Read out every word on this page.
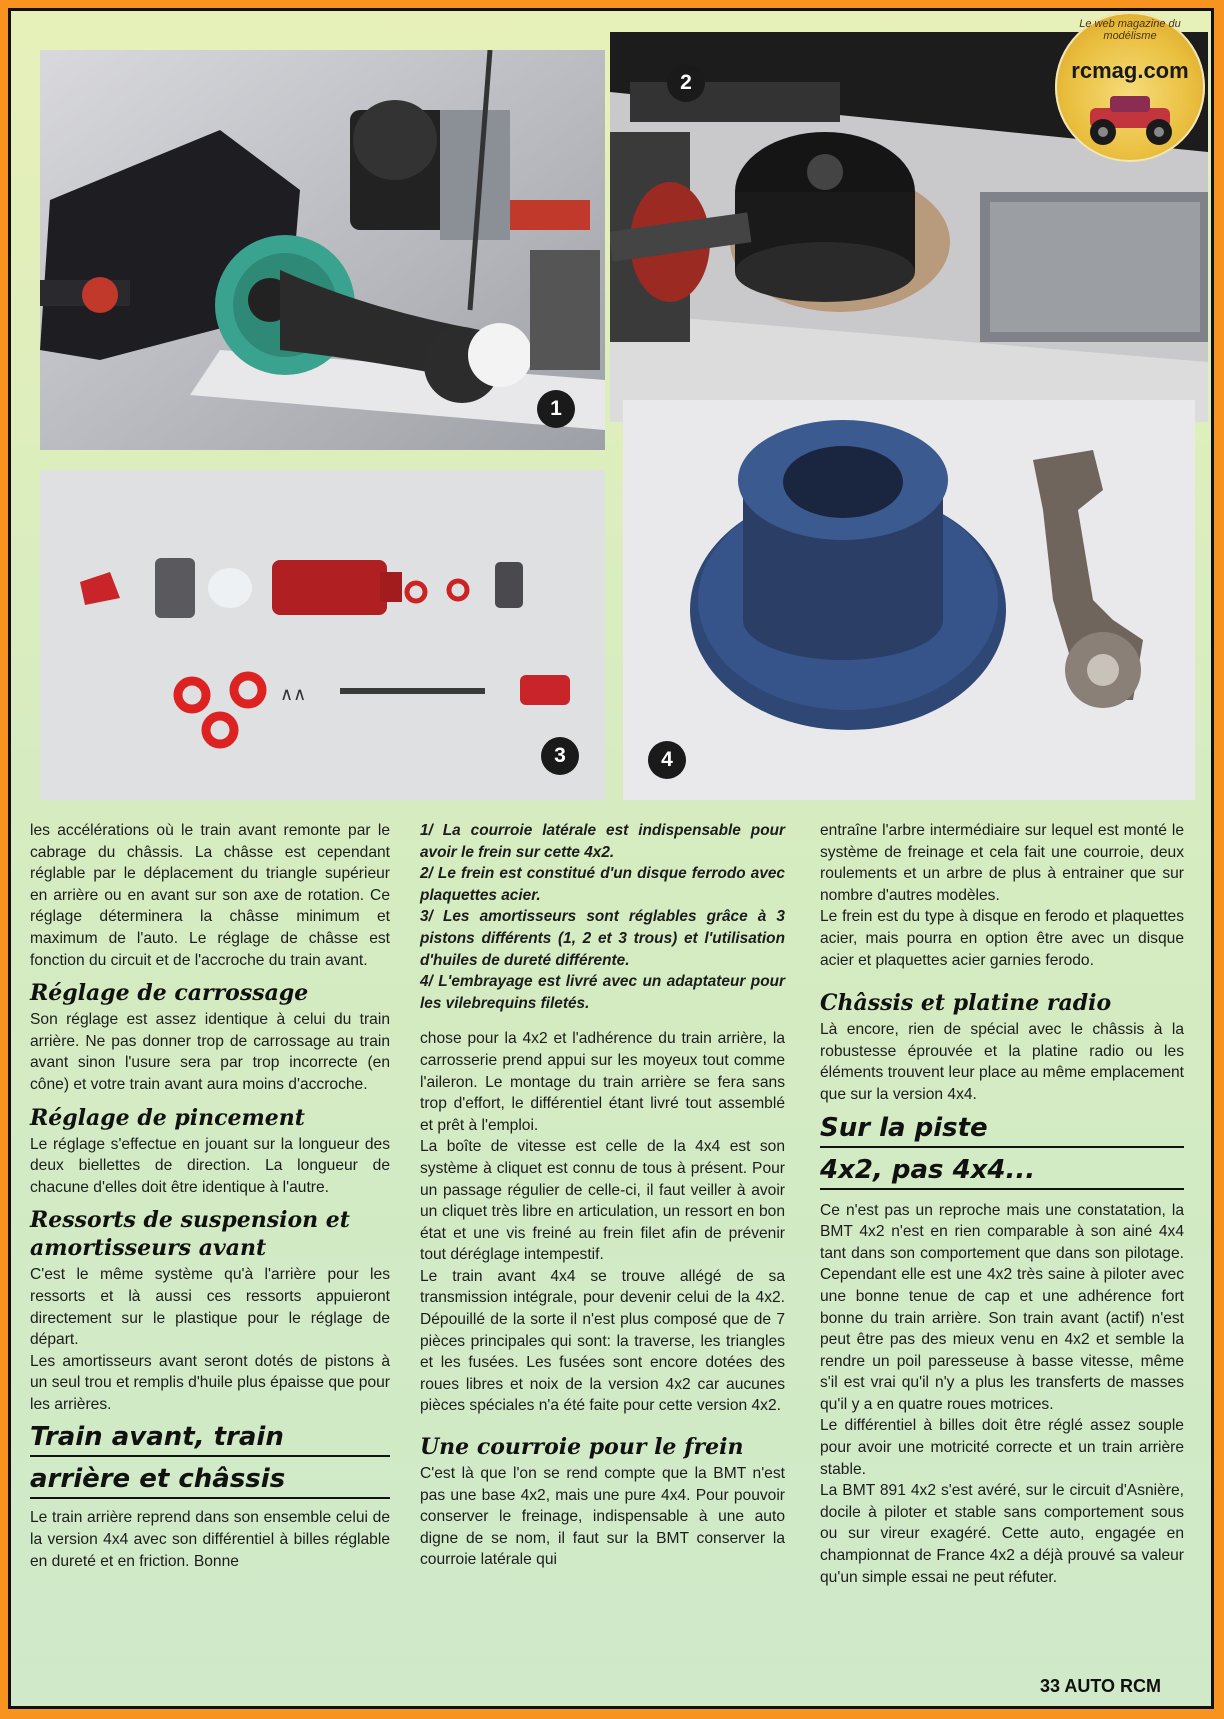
1
2
Le web magazine du modélisme
rcmag.com
∧∧
3	4

les accélérations où le train avant remonte par le cabrage du châssis. La châsse est cependant réglable par le déplacement du triangle supérieur en arrière ou en avant sur son axe de rotation. Ce réglage déterminera la châsse minimum et maximum de l'auto. Le réglage de châsse est fonction du circuit et de l'accroche du train avant.

Réglage de carrossage

Son réglage est assez identique à celui du train arrière. Ne pas donner trop de carrossage au train avant sinon l'usure sera par trop incorrecte (en cône) et votre train avant aura moins d'accroche.

Réglage de pincement

Le réglage s'effectue en jouant sur la longueur des deux biellettes de direction. La longueur de chacune d'elles doit être identique à l'autre.

Ressorts de suspension et amortisseurs avant

C'est le même système qu'à l'arrière pour les ressorts et là aussi ces ressorts appuieront directement sur le plastique pour le réglage de départ.

Les amortisseurs avant seront dotés de pistons à un seul trou et remplis d'huile plus épaisse que pour les arrières.

Train avant, train
arrière et châssis

Le train arrière reprend dans son ensemble celui de la version 4x4 avec son différentiel à billes réglable en dureté et en friction. Bonne

1/ La courroie latérale est indispensable pour avoir le frein sur cette 4x2.

2/ Le frein est constitué d'un disque ferrodo avec plaquettes acier.

3/ Les amortisseurs sont réglables grâce à 3 pistons différents (1, 2 et 3 trous) et l'utilisation d'huiles de dureté différente.

4/ L'embrayage est livré avec un adaptateur pour les vilebrequins filetés.

chose pour la 4x2 et l'adhérence du train arrière, la carrosserie prend appui sur les moyeux tout comme l'aileron. Le montage du train arrière se fera sans trop d'effort, le différentiel étant livré tout assemblé et prêt à l'emploi.

La boîte de vitesse est celle de la 4x4 est son système à cliquet est connu de tous à présent. Pour un passage régulier de celle-ci, il faut veiller à avoir un cliquet très libre en articulation, un ressort en bon état et une vis freiné au frein filet afin de prévenir tout déréglage intempestif.

Le train avant 4x4 se trouve allégé de sa transmission intégrale, pour devenir celui de la 4x2. Dépouillé de la sorte il n'est plus composé que de 7 pièces principales qui sont: la traverse, les triangles et les fusées. Les fusées sont encore dotées des roues libres et noix de la version 4x2 car aucunes pièces spéciales n'a été faite pour cette version 4x2.

Une courroie pour le frein

C'est là que l'on se rend compte que la BMT n'est pas une base 4x2, mais une pure 4x4. Pour pouvoir conserver le freinage, indispensable à une auto digne de se nom, il faut sur la BMT conserver la courroie latérale qui

entraîne l'arbre intermédiaire sur lequel est monté le système de freinage et cela fait une courroie, deux roulements et un arbre de plus à entrainer que sur nombre d'autres modèles.

Le frein est du type à disque en ferodo et plaquettes acier, mais pourra en option être avec un disque acier et plaquettes acier garnies ferodo.

Châssis et platine radio

Là encore, rien de spécial avec le châssis à la robustesse éprouvée et la platine radio ou les éléments trouvent leur place au même emplacement que sur la version 4x4.

Sur la piste
4x2, pas 4x4...

Ce n'est pas un reproche mais une constatation, la BMT 4x2 n'est en rien comparable à son ainé 4x4 tant dans son comportement que dans son pilotage. Cependant elle est une 4x2 très saine à piloter avec une bonne tenue de cap et une adhérence fort bonne du train arrière. Son train avant (actif) n'est peut être pas des mieux venu en 4x2 et semble la rendre un poil paresseuse à basse vitesse, même s'il est vrai qu'il n'y a plus les transferts de masses qu'il y a en quatre roues motrices.

Le différentiel à billes doit être réglé assez souple pour avoir une motricité correcte et un train arrière stable.

La BMT 891 4x2 s'est avéré, sur le circuit d'Asnière, docile à piloter et stable sans comportement sous ou sur vireur exagéré. Cette auto, engagée en championnat de France 4x2 a déjà prouvé sa valeur qu'un simple essai ne peut réfuter.

33 AUTO RCM
